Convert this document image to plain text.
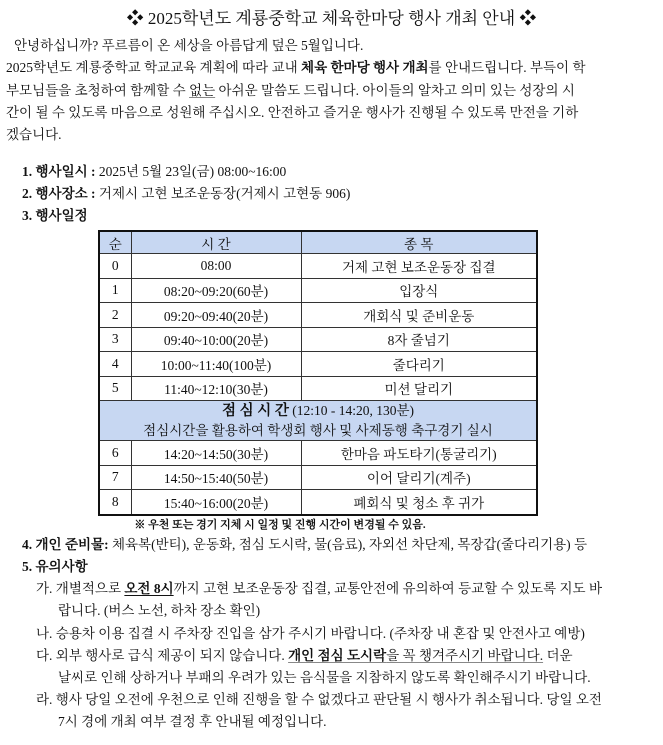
❖ 2025학년도 계룡중학교 체육한마당 행사 개최 안내 ❖
안녕하십니까? 푸르름이 온 세상을 아름답게 덮은 5월입니다.
2025학년도 계룡중학교 학교교육 계획에 따라 교내 체육 한마당 행사 개최를 안내드립니다. 부득이 학
부모님들을 초청하여 함께할 수 없는 아쉬운 말씀도 드립니다. 아이들의 알차고 의미 있는 성장의 시
간이 될 수 있도록 마음으로 성원해 주십시오. 안전하고 즐거운 행사가 진행될 수 있도록 만전을 기하
겠습니다.
1. 행사일시 : 2025년 5월 23일(금) 08:00~16:00
2. 행사장소 : 거제시 고현 보조운동장(거제시 고현동 906)
3. 행사일정
순	시 간	종 목
0	08:00	거제 고현 보조운동장 집결
1	08:20~09:20(60분)	입장식
2	09:20~09:40(20분)	개회식 및 준비운동
3	09:40~10:00(20분)	8자 줄넘기
4	10:00~11:40(100분)	줄다리기
5	11:40~12:10(30분)	미션 달리기
점 심 시 간 (12:10 - 14:20, 130분)		
점심시간을 활용하여 학생회 행사 및 사제동행 축구경기 실시		
6	14:20~14:50(30분)	한마음 파도타기(통굴리기)
7	14:50~15:40(50분)	이어 달리기(계주)
8	15:40~16:00(20분)	폐회식 및 청소 후 귀가
※ 우천 또는 경기 지체 시 일정 및 진행 시간이 변경될 수 있음.
4. 개인 준비물: 체육복(반티), 운동화, 점심 도시락, 물(음료), 자외선 차단제, 목장갑(줄다리기용) 등
5. 유의사항
가. 개별적으로 오전 8시까지 고현 보조운동장 집결, 교통안전에 유의하여 등교할 수 있도록 지도 바
랍니다. (버스 노선, 하차 장소 확인)
나. 승용차 이용 집결 시 주차장 진입을 삼가 주시기 바랍니다. (주차장 내 혼잡 및 안전사고 예방)
다. 외부 행사로 급식 제공이 되지 않습니다. 개인 점심 도시락을 꼭 챙겨주시기 바랍니다. 더운
날씨로 인해 상하거나 부패의 우려가 있는 음식물을 지참하지 않도록 확인해주시기 바랍니다.
라. 행사 당일 오전에 우천으로 인해 진행을 할 수 없겠다고 판단될 시 행사가 취소됩니다. 당일 오전
7시 경에 개최 여부 결정 후 안내될 예정입니다.
